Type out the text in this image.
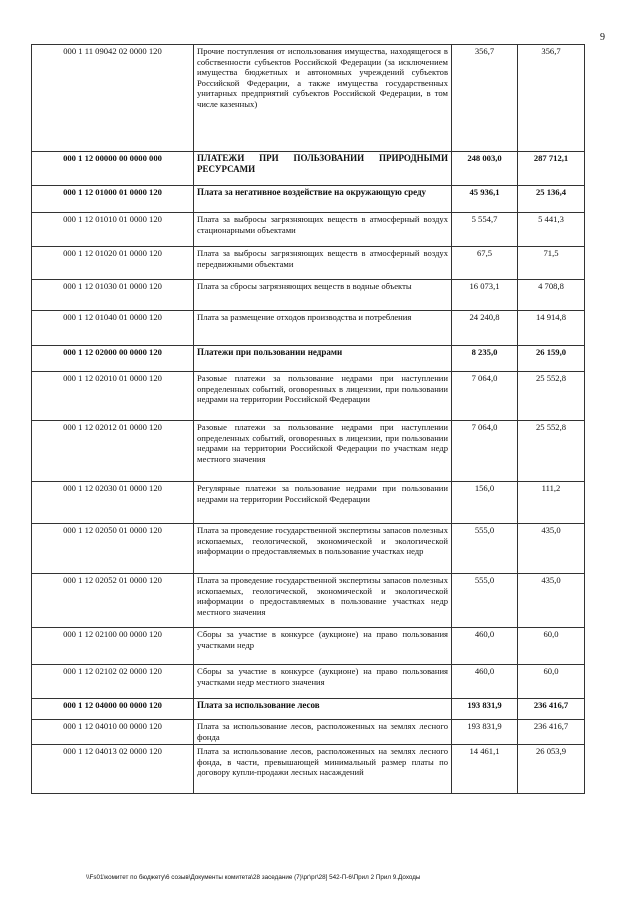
9
000 1 11 09042 02 0000 120	Прочие поступления от использования имущества, находящегося в собственности субъектов Российской Федерации (за исключением имущества бюджетных и автономных учреждений субъектов Российской Федерации, а также имущества государственных унитарных предприятий субъектов Российской Федерации, в том числе казенных)	356,7	356,7
000 1 12 00000 00 0000 000	ПЛАТЕЖИ ПРИ ПОЛЬЗОВАНИИ ПРИРОДНЫМИ РЕСУРСАМИ	248 003,0	287 712,1
000 1 12 01000 01 0000 120	Плата за негативное воздействие на окружающую среду	45 936,1	25 136,4
000 1 12 01010 01 0000 120	Плата за выбросы загрязняющих веществ в атмосферный воздух стационарными объектами	5 554,7	5 441,3
000 1 12 01020 01 0000 120	Плата за выбросы загрязняющих веществ в атмосферный воздух передвижными объектами	67,5	71,5
000 1 12 01030 01 0000 120	Плата за сбросы загрязняющих веществ в водные объекты	16 073,1	4 708,8
000 1 12 01040 01 0000 120	Плата за размещение отходов производства и потребления	24 240,8	14 914,8
000 1 12 02000 00 0000 120	Платежи при пользовании недрами	8 235,0	26 159,0
000 1 12 02010 01 0000 120	Разовые платежи за пользование недрами при наступлении определенных событий, оговоренных в лицензии, при пользовании недрами на территории Российской Федерации	7 064,0	25 552,8
000 1 12 02012 01 0000 120	Разовые платежи за пользование недрами при наступлении определенных событий, оговоренных в лицензии, при пользовании недрами на территории Российской Федерации по участкам недр местного значения	7 064,0	25 552,8
000 1 12 02030 01 0000 120	Регулярные платежи за пользование недрами при пользовании недрами на территории Российской Федерации	156,0	111,2
000 1 12 02050 01 0000 120	Плата за проведение государственной экспертизы запасов полезных ископаемых, геологической, экономической и экологической информации о предоставляемых в пользование участках недр	555,0	435,0
000 1 12 02052 01 0000 120	Плата за проведение государственной экспертизы запасов полезных ископаемых, геологической, экономической и экологической информации о предоставляемых в пользование участках недр местного значения	555,0	435,0
000 1 12 02100 00 0000 120	Сборы за участие в конкурсе (аукционе) на право пользования участками недр	460,0	60,0
000 1 12 02102 02 0000 120	Сборы за участие в конкурсе (аукционе) на право пользования участками недр местного значения	460,0	60,0
000 1 12 04000 00 0000 120	Плата за использование лесов	193 831,9	236 416,7
000 1 12 04010 00 0000 120	Плата за использование лесов, расположенных на землях лесного фонда	193 831,9	236 416,7
000 1 12 04013 02 0000 120	Плата за использование лесов, расположенных на землях лесного фонда, в части, превышающей минимальный размер платы по договору купли-продажи лесных насаждений	14 461,1	26 053,9
\\Fs01\комитет по бюджету\6 созыв\Документы комитета\28 заседание (7)\рг\рг\28] 542-П-6\Прил 2 Прил 9.Доходы
